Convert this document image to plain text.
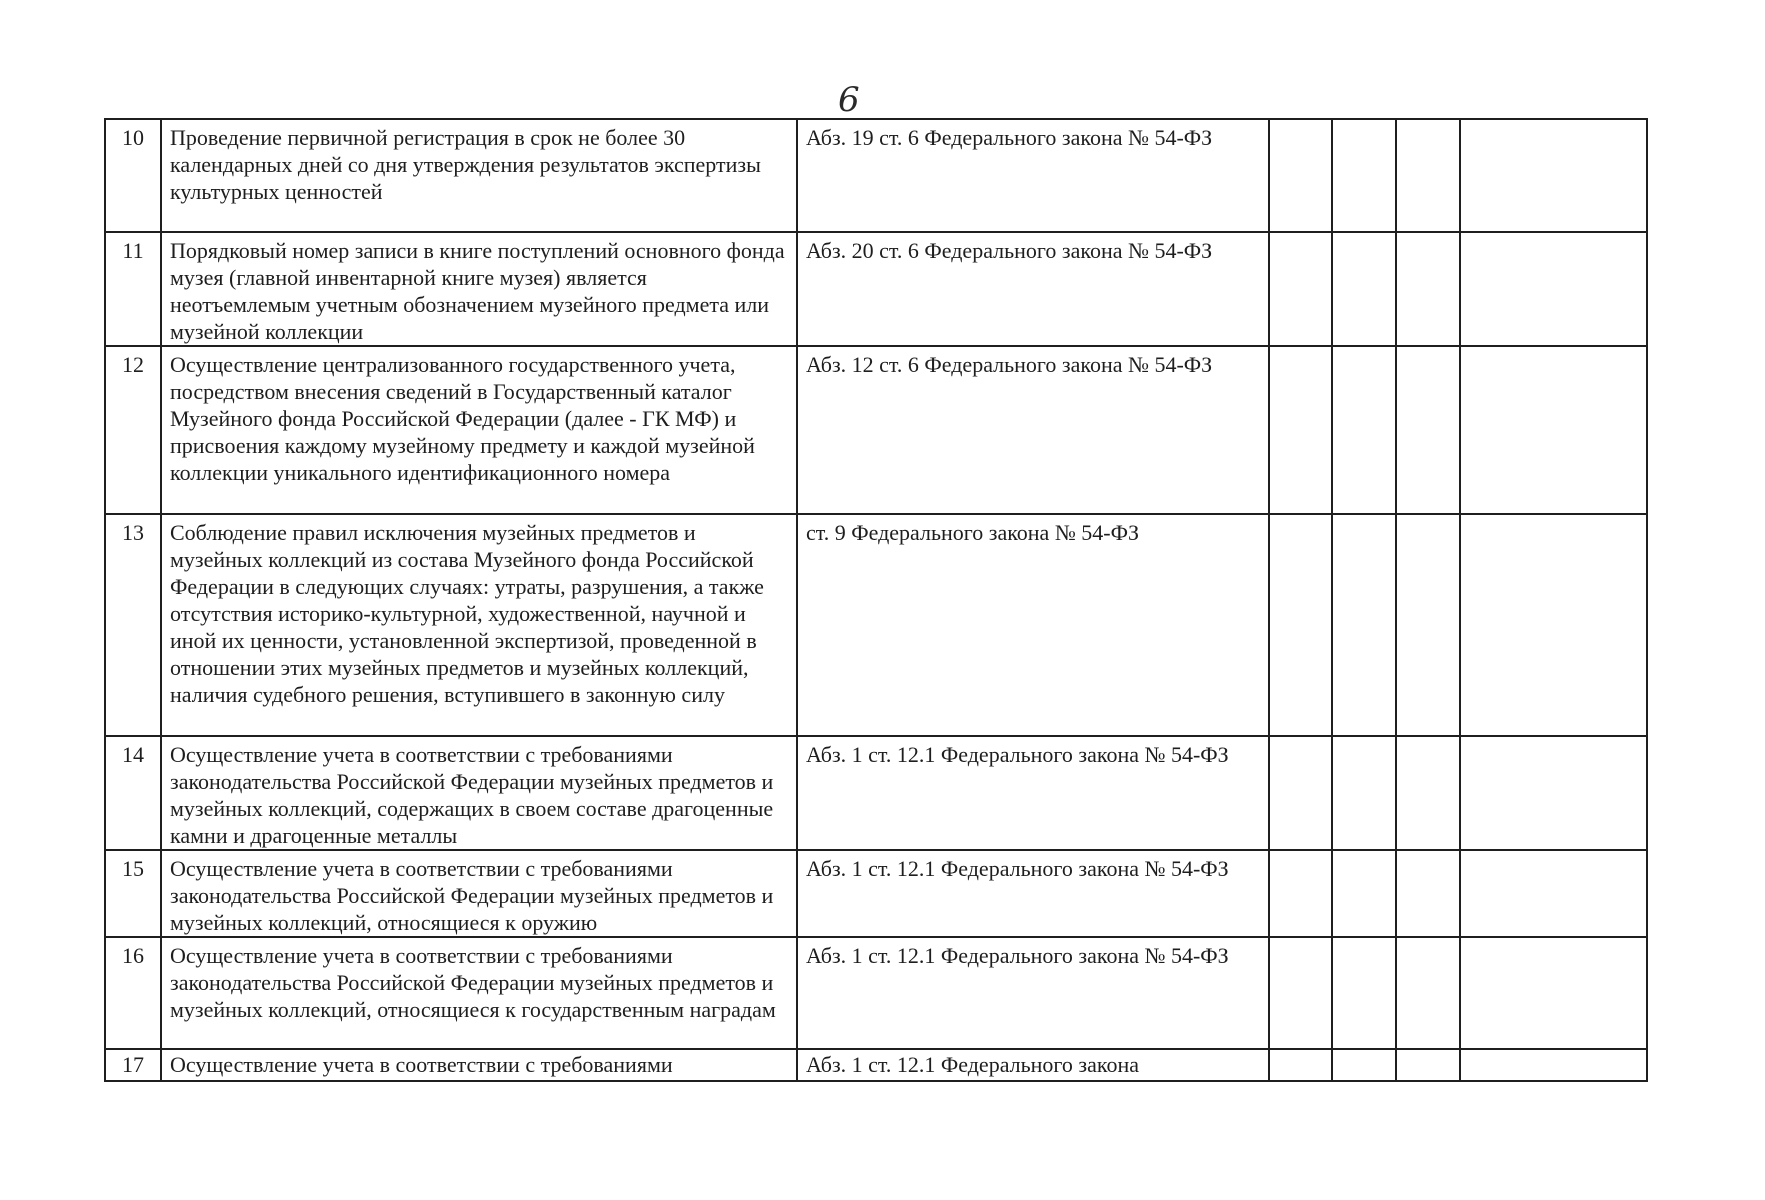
6
10	Проведение первичной регистрация в срок не более 30 календарных дней со дня утверждения результатов экспертизы культурных ценностей	Абз. 19 ст. 6 Федерального закона № 54-ФЗ				
11	Порядковый номер записи в книге поступлений основного фонда музея (главной инвентарной книге музея) является неотъемлемым учетным обозначением музейного предмета или музейной коллекции	Абз. 20 ст. 6 Федерального закона № 54-ФЗ				
12	Осуществление централизованного государственного учета, посредством внесения сведений в Государственный каталог Музейного фонда Российской Федерации (далее - ГК МФ) и присвоения каждому музейному предмету и каждой музейной коллекции уникального идентификационного номера	Абз. 12 ст. 6 Федерального закона № 54-ФЗ				
13	Соблюдение правил исключения музейных предметов и музейных коллекций из состава Музейного фонда Российской Федерации в следующих случаях: утраты, разрушения, а также отсутствия историко-культурной, художественной, научной и иной их ценности, установленной экспертизой, проведенной в отношении этих музейных предметов и музейных коллекций, наличия судебного решения, вступившего в законную силу	ст. 9 Федерального закона № 54-ФЗ				
14	Осуществление учета в соответствии с требованиями законодательства Российской Федерации музейных предметов и музейных коллекций, содержащих в своем составе драгоценные камни и драгоценные металлы	Абз. 1 ст. 12.1 Федерального закона № 54-ФЗ				
15	Осуществление учета в соответствии с требованиями законодательства Российской Федерации музейных предметов и музейных коллекций, относящиеся к оружию	Абз. 1 ст. 12.1 Федерального закона № 54-ФЗ				
16	Осуществление учета в соответствии с требованиями законодательства Российской Федерации музейных предметов и музейных коллекций, относящиеся к государственным наградам	Абз. 1 ст. 12.1 Федерального закона № 54-ФЗ				
17	Осуществление учета в соответствии с требованиями	Абз. 1 ст. 12.1 Федерального закона				
